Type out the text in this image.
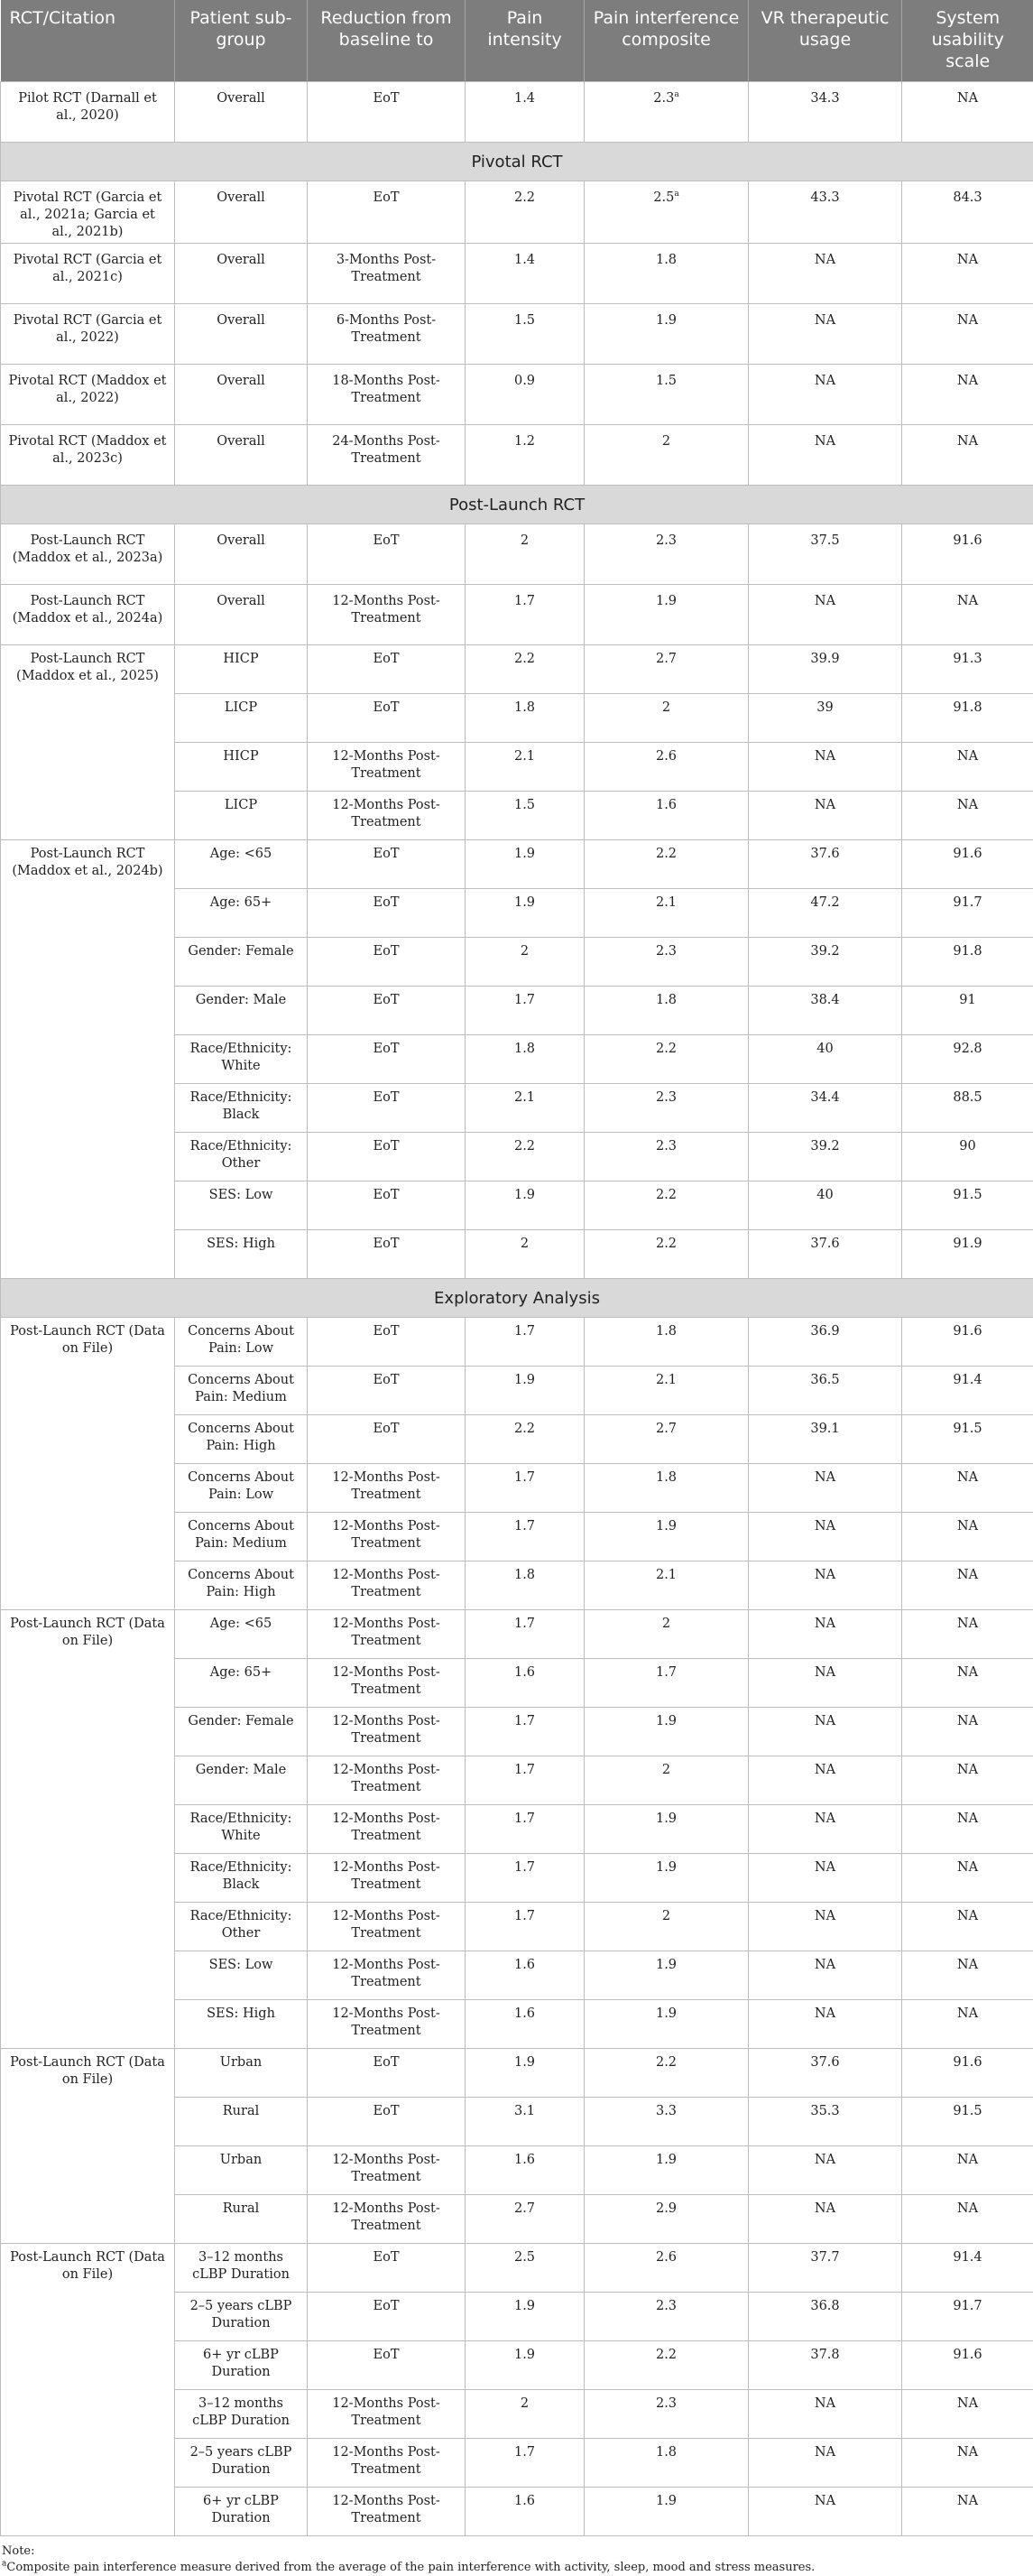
RCT/Citation	Patient sub-group	Reduction from baseline to	Pain intensity	Pain interference composite	VR therapeutic usage	System usability scale
Pilot RCT (Darnall et al., 2020)	Overall	EoT	1.4	2.3$^a$	34.3	NA
Pivotal RCT						
Pivotal RCT (Garcia et al., 2021a; Garcia et al., 2021b)	Overall	EoT	2.2	2.5$^a$	43.3	84.3
Pivotal RCT (Garcia et al., 2021c)	Overall	3-Months Post-Treatment	1.4	1.8	NA	NA
Pivotal RCT (Garcia et al., 2022)	Overall	6-Months Post-Treatment	1.5	1.9	NA	NA
Pivotal RCT (Maddox et al., 2022)	Overall	18-Months Post-Treatment	0.9	1.5	NA	NA
Pivotal RCT (Maddox et al., 2023c)	Overall	24-Months Post-Treatment	1.2	2	NA	NA
Post-Launch RCT						
Post-Launch RCT (Maddox et al., 2023a)	Overall	EoT	2	2.3	37.5	91.6
Post-Launch RCT (Maddox et al., 2024a)	Overall	12-Months Post-Treatment	1.7	1.9	NA	NA
Post-Launch RCT (Maddox et al., 2025)	HICP	EoT	2.2	2.7	39.9	91.3
	LICP	EoT	1.8	2	39	91.8
	HICP	12-Months Post-Treatment	2.1	2.6	NA	NA
	LICP	12-Months Post-Treatment	1.5	1.6	NA	NA
Post-Launch RCT (Maddox et al., 2024b)	Age: <65	EoT	1.9	2.2	37.6	91.6
	Age: 65+	EoT	1.9	2.1	47.2	91.7
	Gender: Female	EoT	2	2.3	39.2	91.8
	Gender: Male	EoT	1.7	1.8	38.4	91
	Race/Ethnicity: White	EoT	1.8	2.2	40	92.8
	Race/Ethnicity: Black	EoT	2.1	2.3	34.4	88.5
	Race/Ethnicity: Other	EoT	2.2	2.3	39.2	90
	SES: Low	EoT	1.9	2.2	40	91.5
	SES: High	EoT	2	2.2	37.6	91.9
Exploratory Analysis						
Post-Launch RCT (Data on File)	Concerns About Pain: Low	EoT	1.7	1.8	36.9	91.6
	Concerns About Pain: Medium	EoT	1.9	2.1	36.5	91.4
	Concerns About Pain: High	EoT	2.2	2.7	39.1	91.5
	Concerns About Pain: Low	12-Months Post-Treatment	1.7	1.8	NA	NA
	Concerns About Pain: Medium	12-Months Post-Treatment	1.7	1.9	NA	NA
	Concerns About Pain: High	12-Months Post-Treatment	1.8	2.1	NA	NA
Post-Launch RCT (Data on File)	Age: <65	12-Months Post-Treatment	1.7	2	NA	NA
	Age: 65+	12-Months Post-Treatment	1.6	1.7	NA	NA
	Gender: Female	12-Months Post-Treatment	1.7	1.9	NA	NA
	Gender: Male	12-Months Post-Treatment	1.7	2	NA	NA
	Race/Ethnicity: White	12-Months Post-Treatment	1.7	1.9	NA	NA
	Race/Ethnicity: Black	12-Months Post-Treatment	1.7	1.9	NA	NA
	Race/Ethnicity: Other	12-Months Post-Treatment	1.7	2	NA	NA
	SES: Low	12-Months Post-Treatment	1.6	1.9	NA	NA
	SES: High	12-Months Post-Treatment	1.6	1.9	NA	NA
Post-Launch RCT (Data on File)	Urban	EoT	1.9	2.2	37.6	91.6
	Rural	EoT	3.1	3.3	35.3	91.5
	Urban	12-Months Post-Treatment	1.6	1.9	NA	NA
	Rural	12-Months Post-Treatment	2.7	2.9	NA	NA
Post-Launch RCT (Data on File)	3–12 months cLBP Duration	EoT	2.5	2.6	37.7	91.4
	2–5 years cLBP Duration	EoT	1.9	2.3	36.8	91.7
	6+ yr cLBP Duration	EoT	1.9	2.2	37.8	91.6
	3–12 months cLBP Duration	12-Months Post-Treatment	2	2.3	NA	NA
	2–5 years cLBP Duration	12-Months Post-Treatment	1.7	1.8	NA	NA
	6+ yr cLBP Duration	12-Months Post-Treatment	1.6	1.9	NA	NA
Note:
$^a$Composite pain interference measure derived from the average of the pain interference with activity, sleep, mood and stress measures.
